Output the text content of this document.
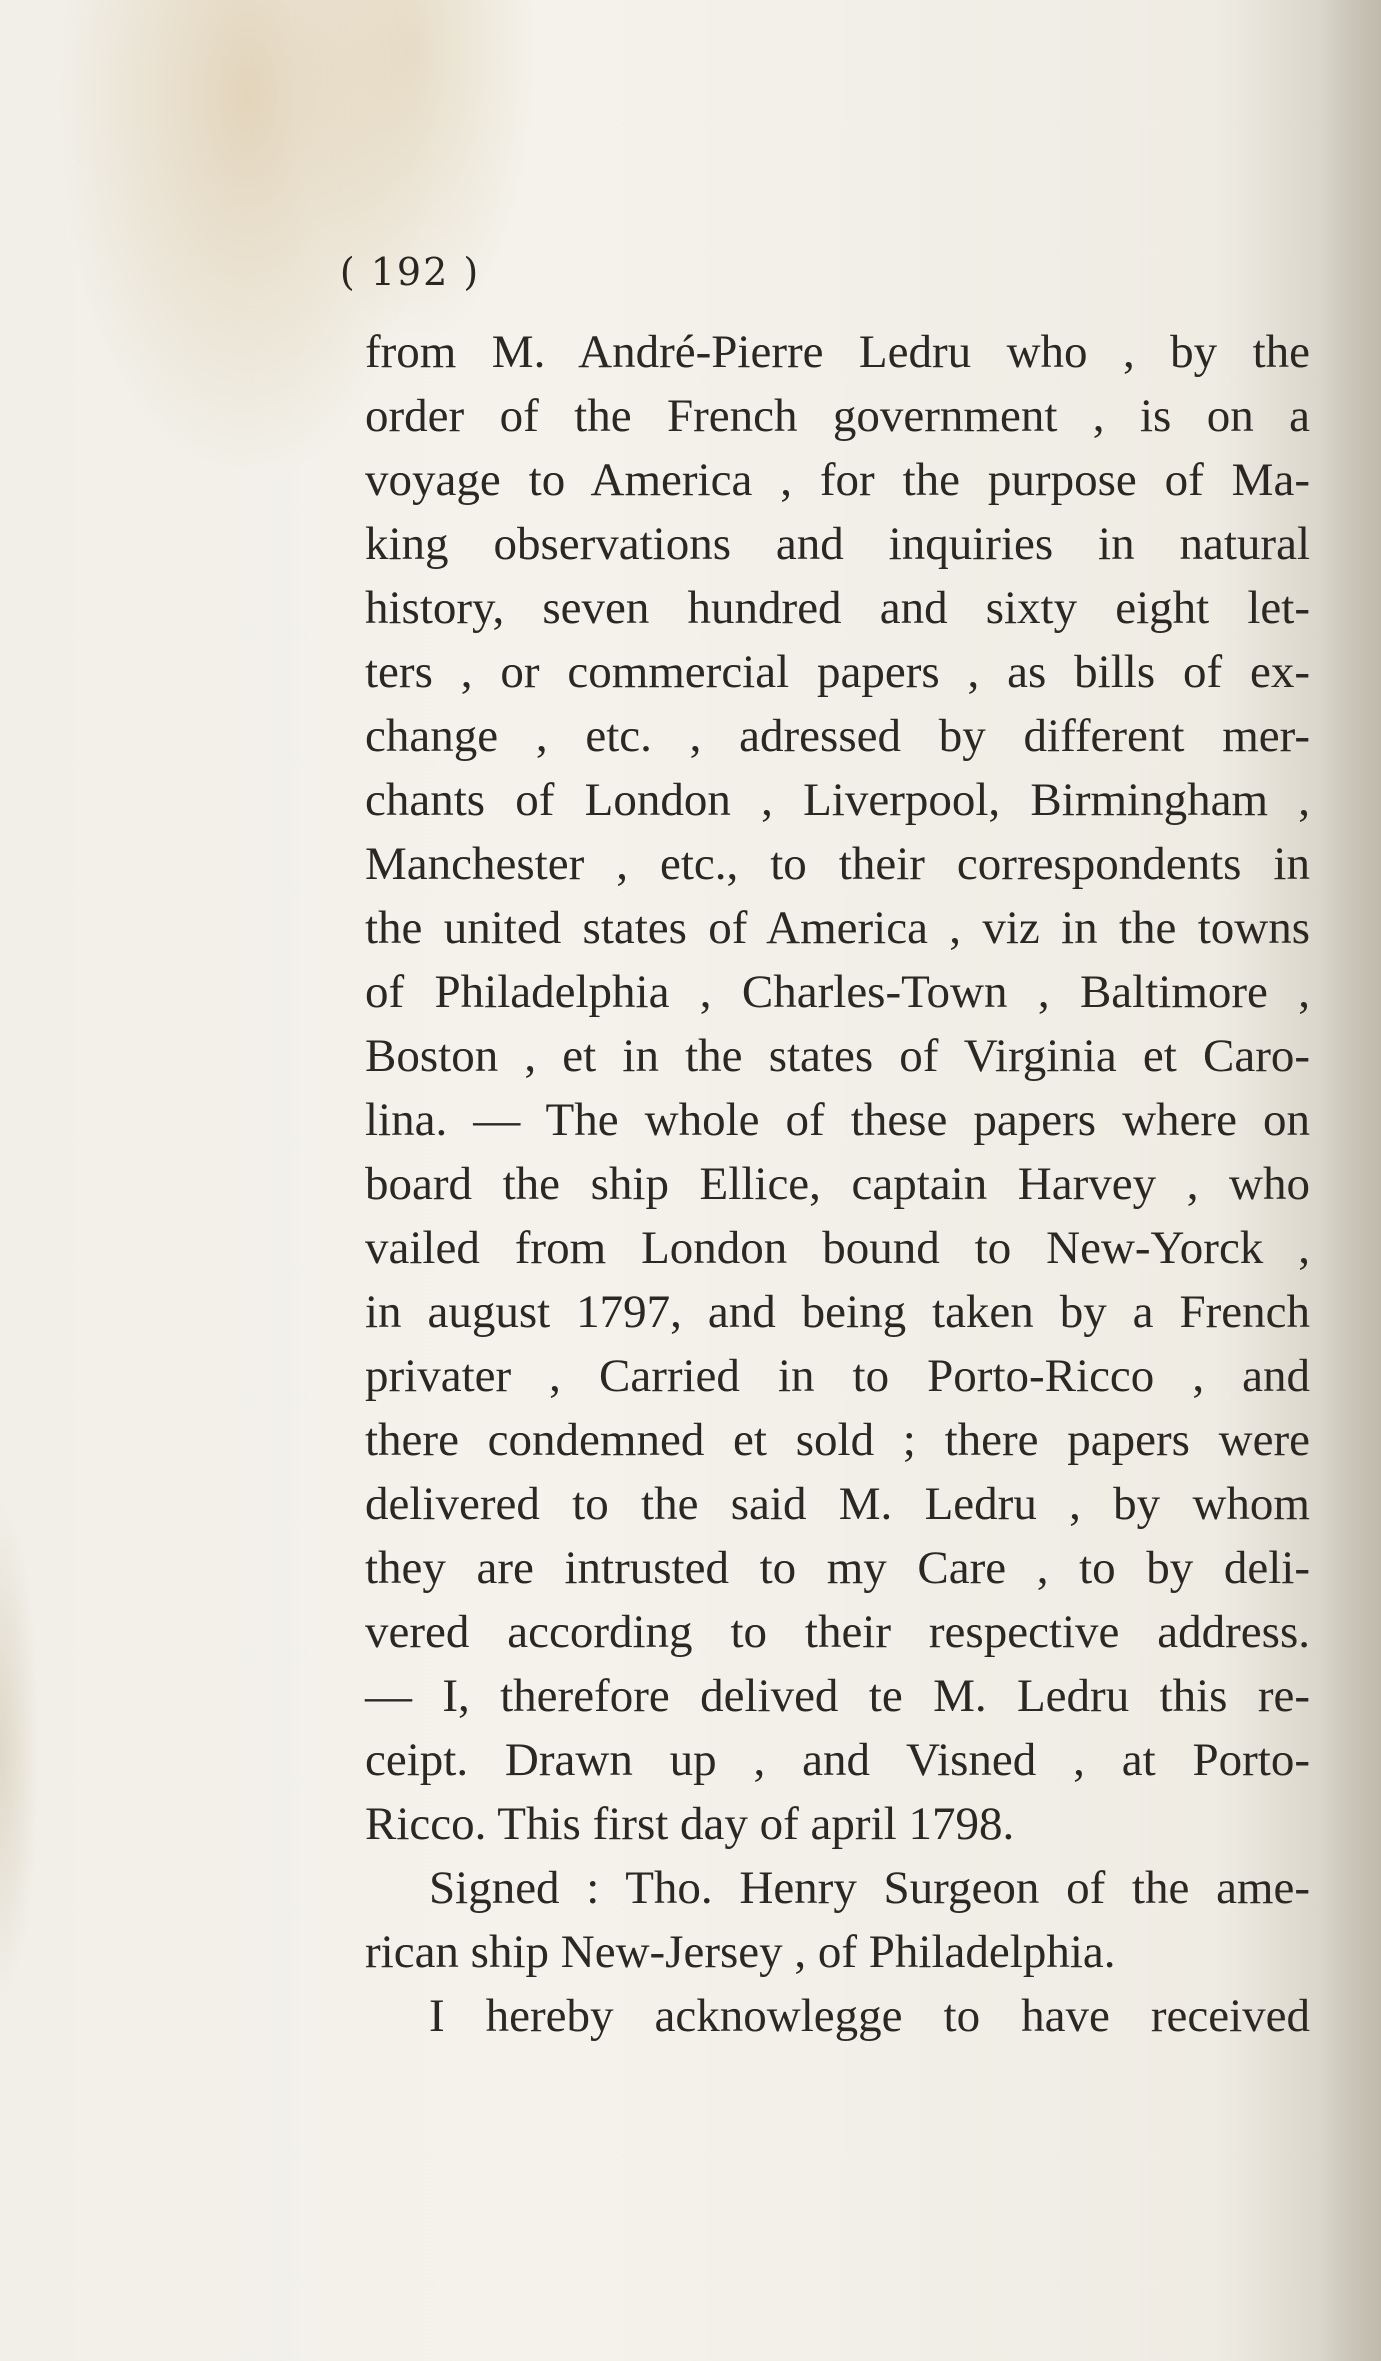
( 192 )
from M. André-Pierre Ledru who , by the
order of the French government , is on a
voyage to America , for the purpose of Ma-
king observations and inquiries in natural
history, seven hundred and sixty eight let-
ters , or commercial papers , as bills of ex-
change , etc. , adressed by different mer-
chants of London , Liverpool, Birmingham ,
Manchester , etc., to their correspondents in
the united states of America , viz in the towns
of Philadelphia , Charles-Town , Baltimore ,
Boston , et in the states of Virginia et Caro-
lina. — The whole of these papers where on
board the ship Ellice, captain Harvey , who
vailed from London bound to New-Yorck ,
in august 1797, and being taken by a French
privater , Carried in to Porto-Ricco , and
there condemned et sold ; there papers were
delivered to the said M. Ledru , by whom
they are intrusted to my Care , to by deli-
vered according to their respective address.
— I, therefore delived te M. Ledru this re-
ceipt. Drawn up , and Visned , at Porto-
Ricco. This first day of april 1798.
Signed : Tho. Henry Surgeon of the ame-
rican ship New-Jersey , of Philadelphia.
I hereby acknowlegge to have received
